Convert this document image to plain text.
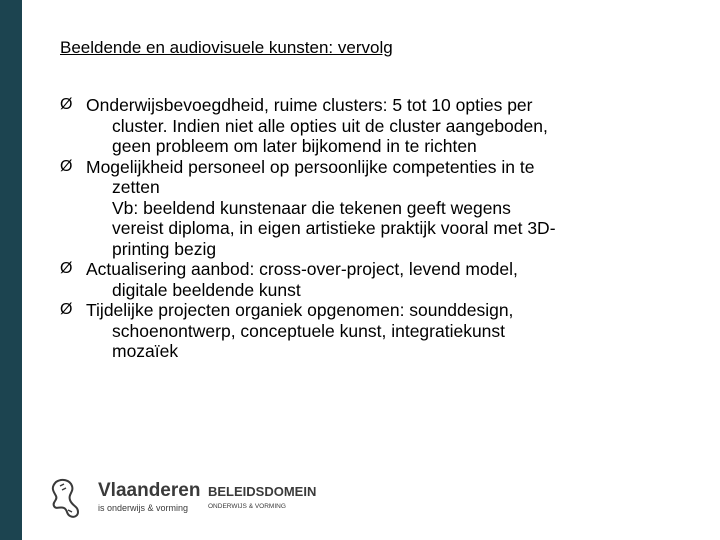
Beeldende en audiovisuele kunsten: vervolg
Ø Onderwijsbevoegdheid, ruime clusters: 5 tot 10 opties per
cluster. Indien niet alle opties uit de cluster aangeboden,
geen probleem om later bijkomend in te richten
Ø Mogelijkheid personeel op persoonlijke competenties in te
zetten
Vb: beeldend kunstenaar die tekenen geeft wegens
vereist diploma, in eigen artistieke praktijk vooral met 3D-
printing bezig
Ø Actualisering aanbod: cross-over-project, levend model,
digitale beeldende kunst
Ø Tijdelijke projecten organiek opgenomen: sounddesign,
schoenontwerp, conceptuele kunst, integratiekunst
mozaïek
Vlaanderen
is onderwijs & vorming
BELEIDSDOMEIN
ONDERWIJS & VORMING
